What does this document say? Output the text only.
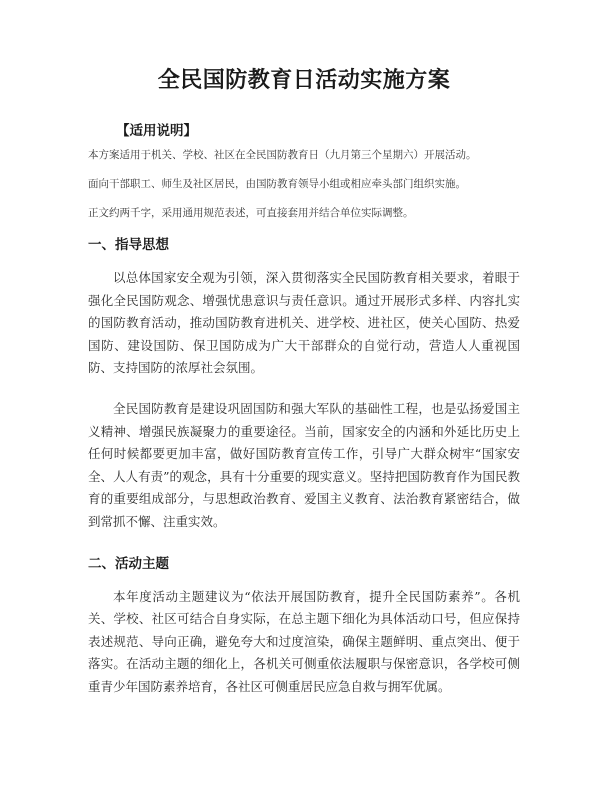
全民国防教育日活动实施方案
【适用说明】
本方案适用于机关、学校、社区在全民国防教育日（九月第三个星期六）开展活动。
面向干部职工、师生及社区居民，由国防教育领导小组或相应牵头部门组织实施。
正文约两千字，采用通用规范表述，可直接套用并结合单位实际调整。
一、指导思想

以总体国家安全观为引领，深入贯彻落实全民国防教育相关要求，着眼于强化全民国防观念、增强忧患意识与责任意识。通过开展形式多样、内容扎实的国防教育活动，推动国防教育进机关、进学校、进社区，使关心国防、热爱国防、建设国防、保卫国防成为广大干部群众的自觉行动，营造人人重视国防、支持国防的浓厚社会氛围。

全民国防教育是建设巩固国防和强大军队的基础性工程，也是弘扬爱国主义精神、增强民族凝聚力的重要途径。当前，国家安全的内涵和外延比历史上任何时候都要更加丰富，做好国防教育宣传工作，引导广大群众树牢“国家安全、人人有责”的观念，具有十分重要的现实意义。坚持把国防教育作为国民教育的重要组成部分，与思想政治教育、爱国主义教育、法治教育紧密结合，做到常抓不懈、注重实效。

二、活动主题

本年度活动主题建议为“依法开展国防教育，提升全民国防素养”。各机关、学校、社区可结合自身实际，在总主题下细化为具体活动口号，但应保持表述规范、导向正确，避免夸大和过度渲染，确保主题鲜明、重点突出、便于落实。在活动主题的细化上，各机关可侧重依法履职与保密意识，各学校可侧重青少年国防素养培育，各社区可侧重居民应急自救与拥军优属。
